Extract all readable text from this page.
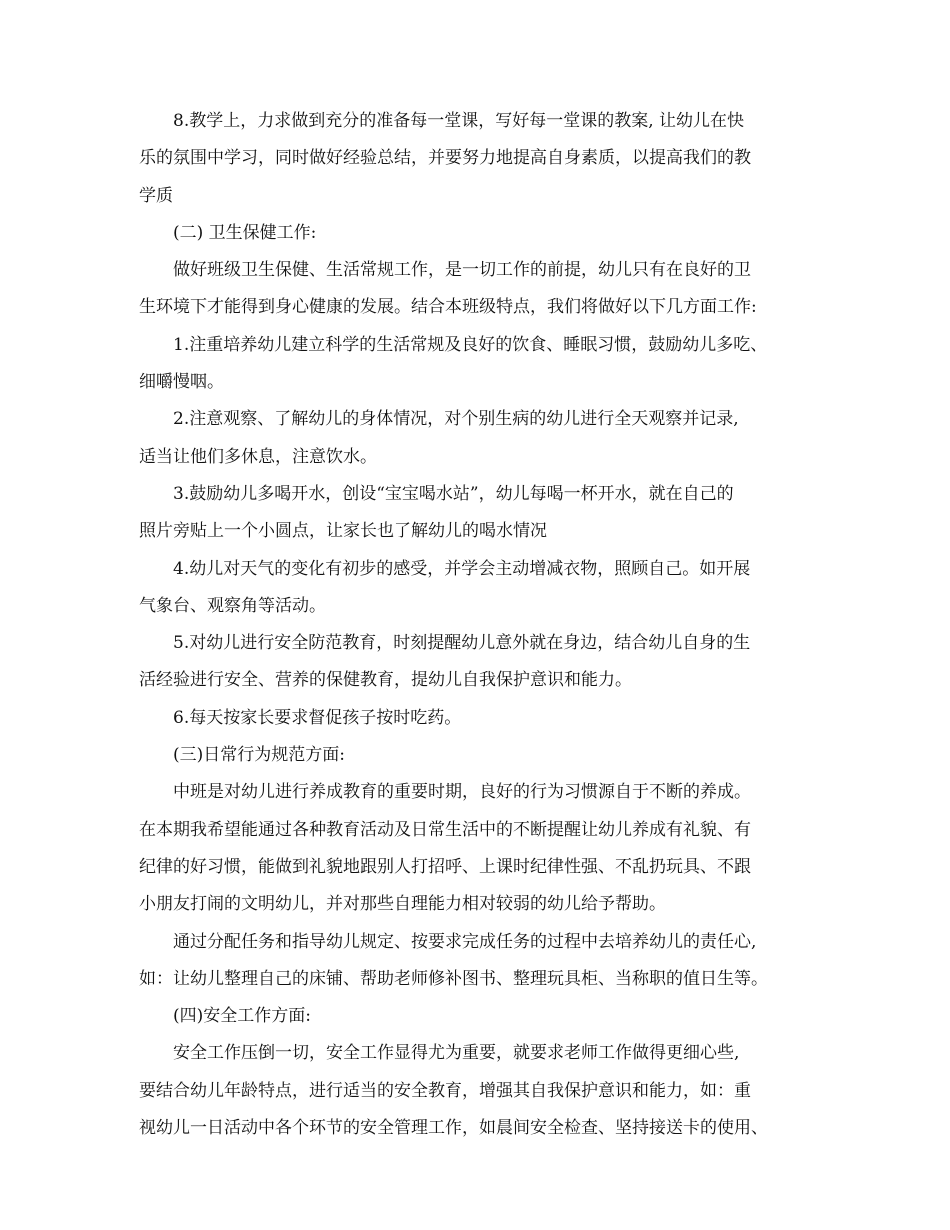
8.教学上，力求做到充分的准备每一堂课，写好每一堂课的教案, 让幼儿在快

乐的氛围中学习，同时做好经验总结，并要努力地提高自身素质，以提高我们的教

学质

(二) 卫生保健工作:

做好班级卫生保健、生活常规工作，是一切工作的前提，幼儿只有在良好的卫

生环境下才能得到身心健康的发展。结合本班级特点，我们将做好以下几方面工作:

1.注重培养幼儿建立科学的生活常规及良好的饮食、睡眠习惯，鼓励幼儿多吃、

细嚼慢咽。

2.注意观察、了解幼儿的身体情况，对个别生病的幼儿进行全天观察并记录,

适当让他们多休息，注意饮水。

3.鼓励幼儿多喝开水，创设“宝宝喝水站”，幼儿每喝一杯开水，就在自己的

照片旁贴上一个小圆点，让家长也了解幼儿的喝水情况

4.幼儿对天气的变化有初步的感受，并学会主动增减衣物，照顾自己。如开展

气象台、观察角等活动。

5.对幼儿进行安全防范教育，时刻提醒幼儿意外就在身边，结合幼儿自身的生

活经验进行安全、营养的保健教育，提幼儿自我保护意识和能力。

6.每天按家长要求督促孩子按时吃药。

(三)日常行为规范方面:

中班是对幼儿进行养成教育的重要时期，良好的行为习惯源自于不断的养成。

在本期我希望能通过各种教育活动及日常生活中的不断提醒让幼儿养成有礼貌、有

纪律的好习惯，能做到礼貌地跟别人打招呼、上课时纪律性强、不乱扔玩具、不跟

小朋友打闹的文明幼儿，并对那些自理能力相对较弱的幼儿给予帮助。

通过分配任务和指导幼儿规定、按要求完成任务的过程中去培养幼儿的责任心,

如：让幼儿整理自己的床铺、帮助老师修补图书、整理玩具柜、当称职的值日生等。

(四)安全工作方面:

安全工作压倒一切，安全工作显得尤为重要，就要求老师工作做得更细心些,

要结合幼儿年龄特点，进行适当的安全教育，增强其自我保护意识和能力，如：重

视幼儿一日活动中各个环节的安全管理工作，如晨间安全检查、坚持接送卡的使用、
